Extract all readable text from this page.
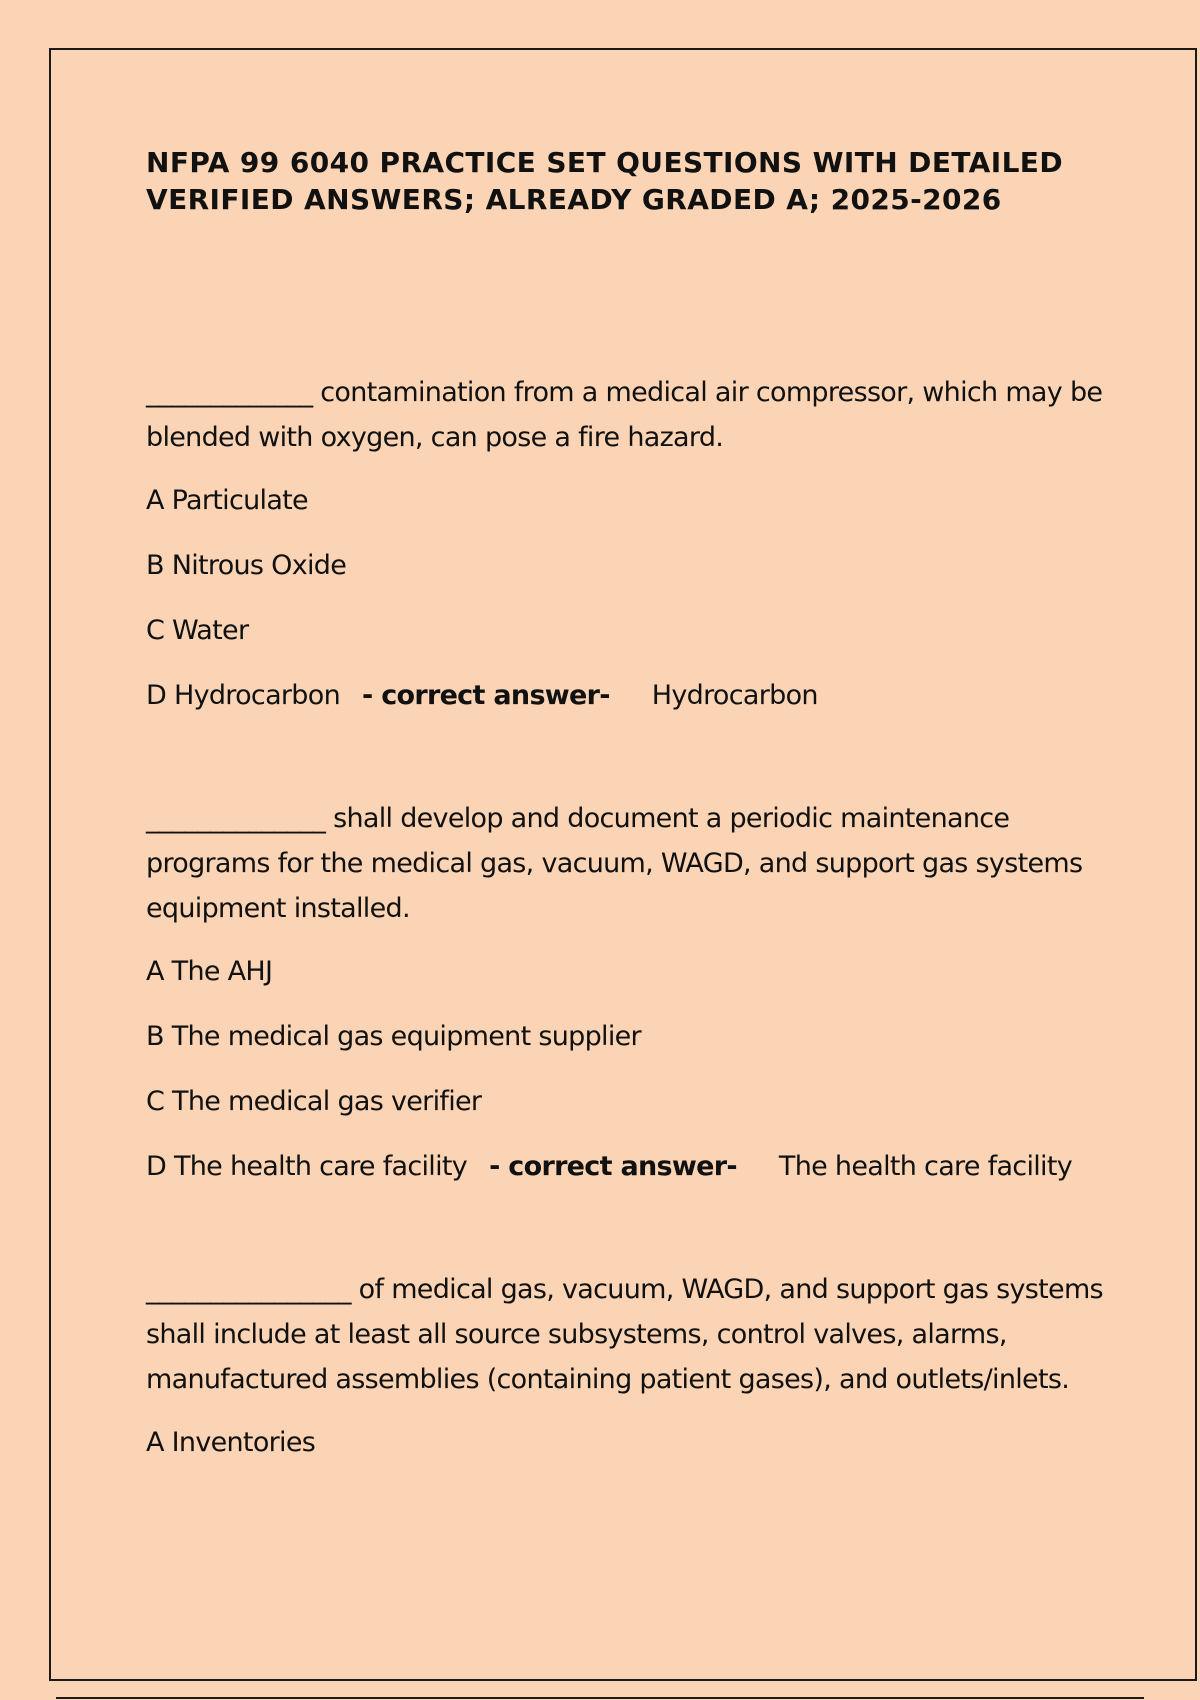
NFPA 99 6040 PRACTICE SET QUESTIONS WITH DETAILED VERIFIED ANSWERS; ALREADY GRADED A; 2025-2026

_____________ contamination from a medical air compressor, which may be blended with oxygen, can pose a fire hazard.

A Particulate

B Nitrous Oxide

C Water

D Hydrocarbon - correct answer- Hydrocarbon

______________ shall develop and document a periodic maintenance programs for the medical gas, vacuum, WAGD, and support gas systems equipment installed.

A The AHJ

B The medical gas equipment supplier

C The medical gas verifier

D The health care facility - correct answer- The health care facility

________________ of medical gas, vacuum, WAGD, and support gas systems shall include at least all source subsystems, control valves, alarms, manufactured assemblies (containing patient gases), and outlets/inlets.

A Inventories
